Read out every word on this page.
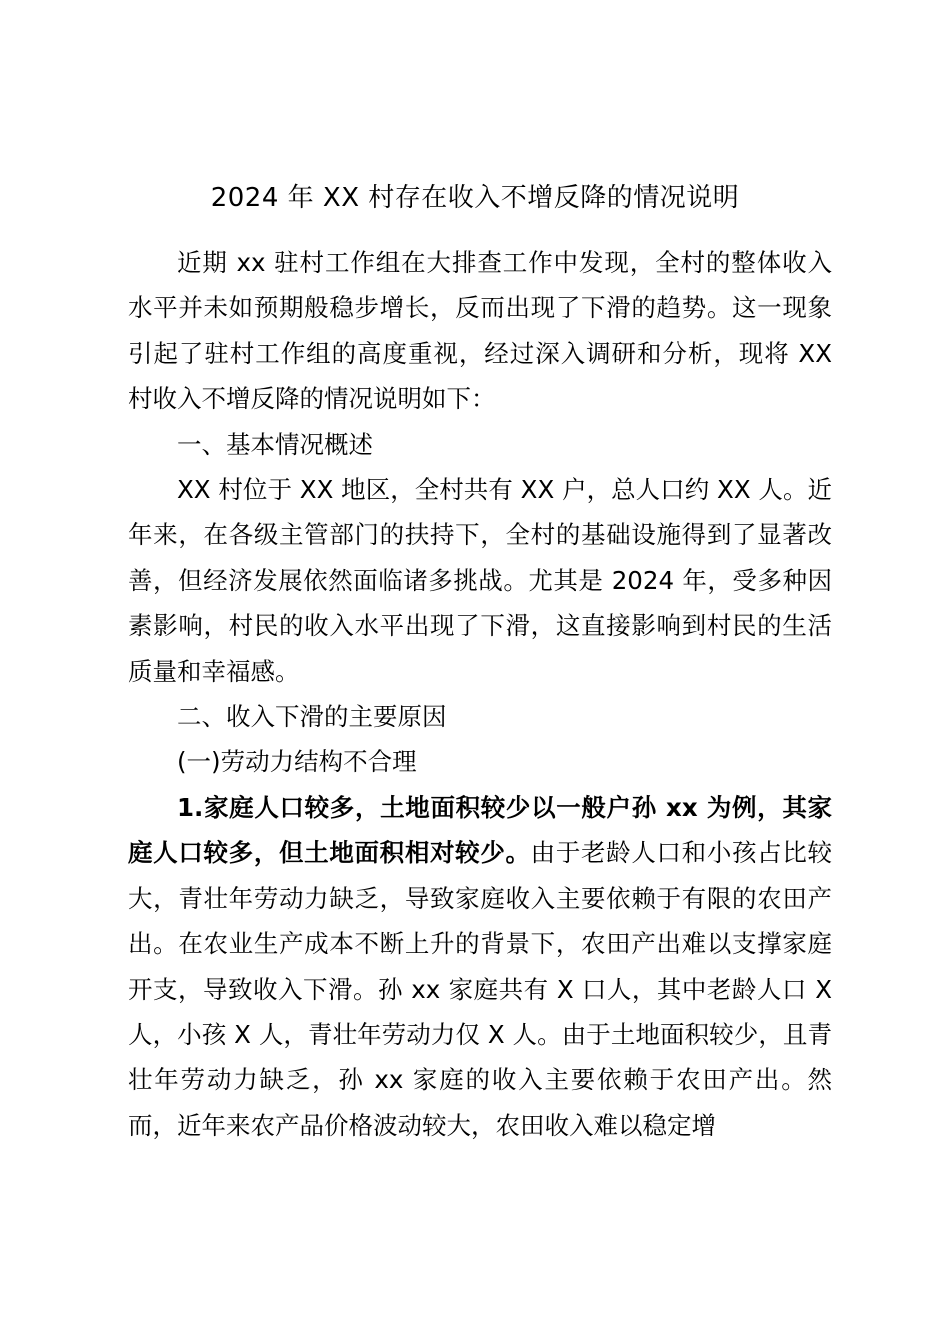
2024 年 XX 村存在收入不增反降的情况说明

近期 xx 驻村工作组在大排查工作中发现，全村的整体收入水平并未如预期般稳步增长，反而出现了下滑的趋势。这一现象引起了驻村工作组的高度重视，经过深入调研和分析，现将 XX 村收入不增反降的情况说明如下：

一、基本情况概述

XX 村位于 XX 地区，全村共有 XX 户，总人口约 XX 人。近年来，在各级主管部门的扶持下，全村的基础设施得到了显著改善，但经济发展依然面临诸多挑战。尤其是 2024 年，受多种因素影响，村民的收入水平出现了下滑，这直接影响到村民的生活质量和幸福感。

二、收入下滑的主要原因

(一)劳动力结构不合理

1.家庭人口较多，土地面积较少以一般户孙 xx 为例，其家庭人口较多，但土地面积相对较少。由于老龄人口和小孩占比较大，青壮年劳动力缺乏，导致家庭收入主要依赖于有限的农田产出。在农业生产成本不断上升的背景下，农田产出难以支撑家庭开支，导致收入下滑。孙 xx 家庭共有 X 口人，其中老龄人口 X 人，小孩 X 人，青壮年劳动力仅 X 人。由于土地面积较少，且青壮年劳动力缺乏，孙 xx 家庭的收入主要依赖于农田产出。然而，近年来农产品价格波动较大，农田收入难以稳定增
